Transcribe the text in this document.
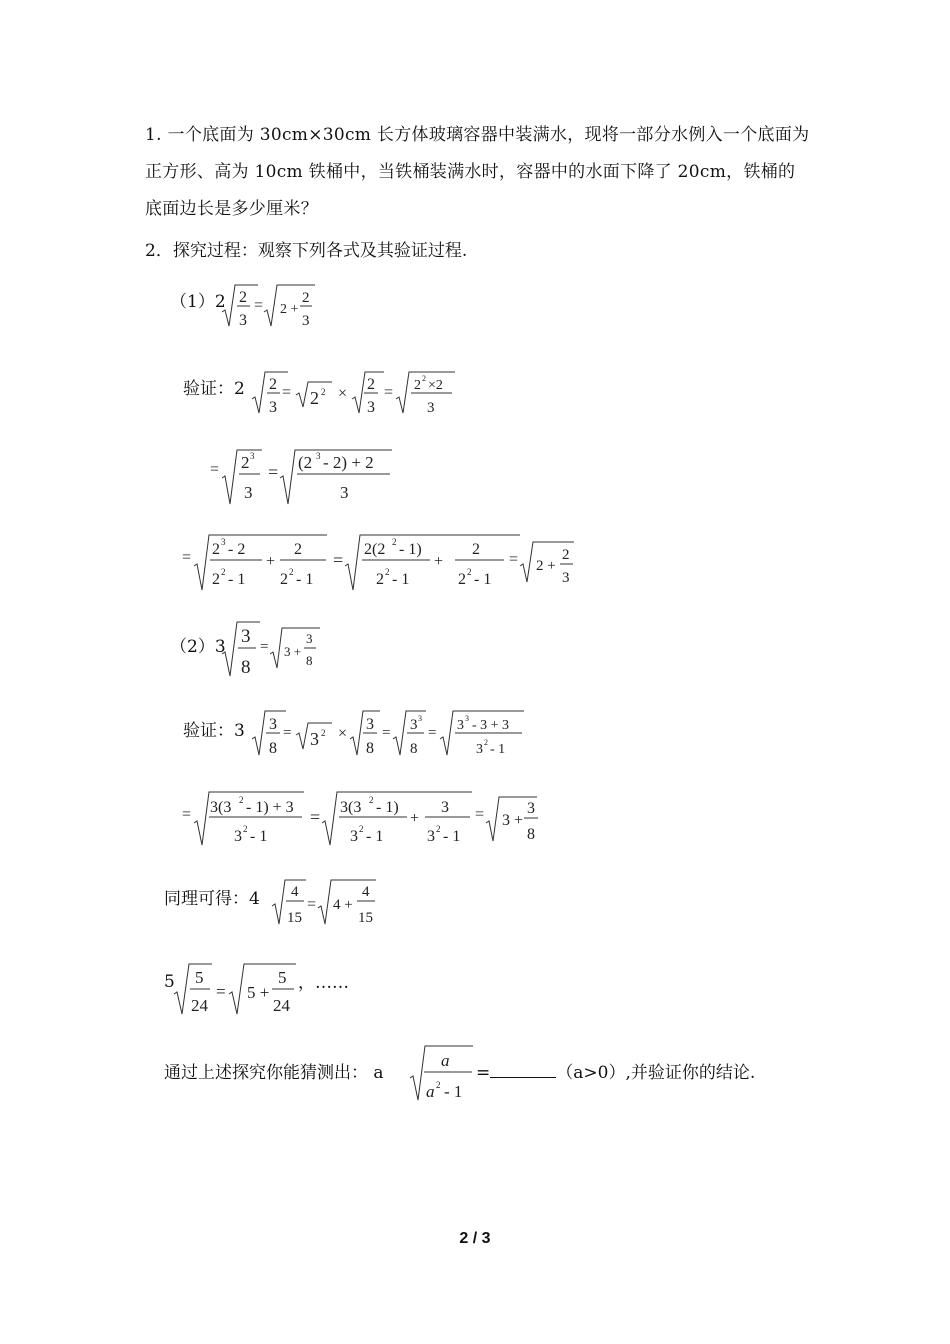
1. 一个底面为 30cm×30cm 长方体玻璃容器中装满水，现将一部分水例入一个底面为正方形、高为 10cm 铁桶中，当铁桶装满水时，容器中的水面下降了 20cm，铁桶的底面边长是多少厘米？
2．探究过程：观察下列各式及其验证过程.
（1）2 2
3
= 2 +
2
3
验证：2 2
3
= 2 2 ×
2
3
= 2 2 ×2
3
= 2 3
3
= (2 3 - 2) + 2
3
= 2 3 - 2
2 2 - 1
+
2
2 2 - 1
=
2(2 2 - 1)
2 2 - 1
+
2
2 2 - 1
= 2 +
2
3
（2）3 3
8
= 3 +
3
8
验证：3 3
8
= 3 2 ×
3
8
= 3 3
8
= 3 3 - 3 + 3
3 2 - 1
= 3(3 2 - 1) + 3
3 2 - 1
= 3(3 2 - 1)
3 2 - 1
+
3
3 2 - 1
= 3 +
3
8
同理可得：4 4
15
= 4 +
4
15
5 5
24
= 5 +
5
24
，……
通过上述探究你能猜测出： a
a
a 2 - 1
=	（a>0）,并验证你的结论.
2 / 3
